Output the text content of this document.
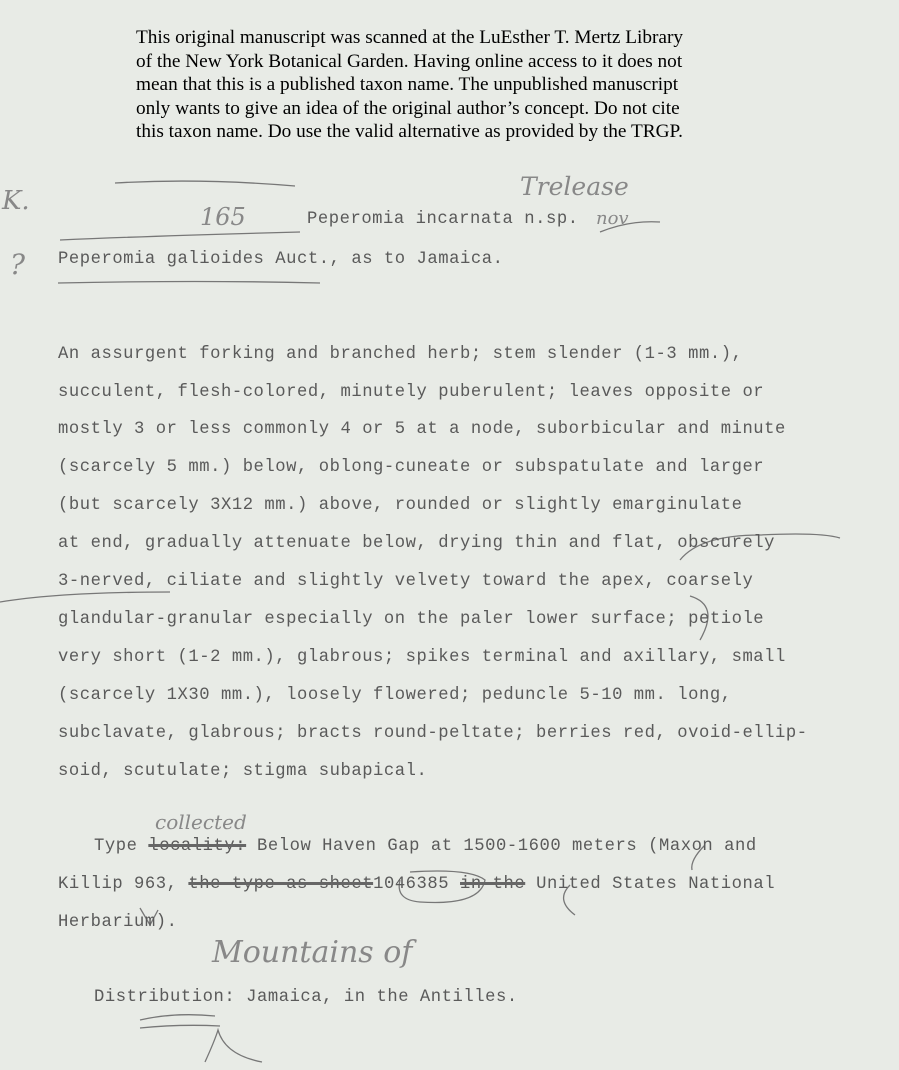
This original manuscript was scanned at the LuEsther T. Mertz Library
of the New York Botanical Garden. Having online access to it does not
mean that this is a published taxon name. The unpublished manuscript
only wants to give an idea of the original author’s concept. Do not cite
this taxon name. Do use the valid alternative as provided by the TRGP.
K.
?
165
Trelease
nov
collected
Mountains of
Peperomia incarnata n.sp.
Peperomia galioides Auct., as to Jamaica.
An assurgent forking and branched herb; stem slender (1-3 mm.),
succulent, flesh-colored, minutely puberulent; leaves opposite or
mostly 3 or less commonly 4 or 5 at a node, suborbicular and minute
(scarcely 5 mm.) below, oblong-cuneate or subspatulate and larger
(but scarcely 3X12 mm.) above, rounded or slightly emarginulate
at end, gradually attenuate below, drying thin and flat, obscurely
3-nerved, ciliate and slightly velvety toward the apex, coarsely
glandular-granular especially on the paler lower surface; petiole
very short (1-2 mm.), glabrous; spikes terminal and axillary, small
(scarcely 1X30 mm.), loosely flowered; peduncle 5-10 mm. long,
subclavate, glabrous; bracts round-peltate; berries red, ovoid-ellip-
soid, scutulate; stigma subapical.
Type locality: Below Haven Gap at 1500-1600 meters (Maxon and
Killip 963, the type as sheet1046385 in the United States National
Herbarium).
Distribution: Jamaica, in the Antilles.
